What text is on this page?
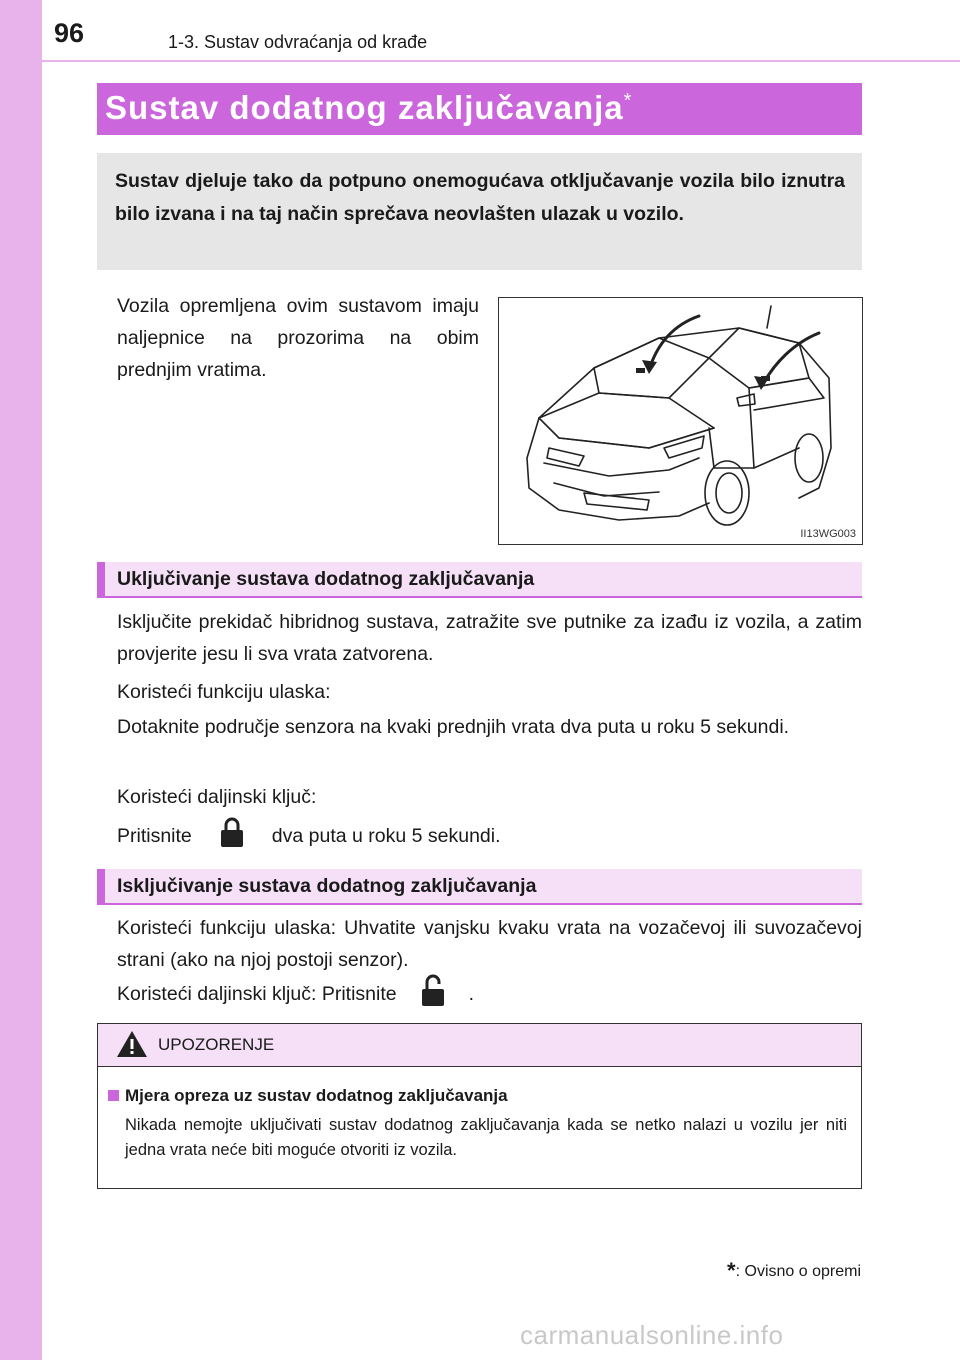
96	1-3. Sustav odvraćanja od krađe
Sustav dodatnog zaključavanja*
Sustav djeluje tako da potpuno onemogućava otključavanje vozila bilo iznutra bilo izvana i na taj način sprečava neovlašten ulazak u vozilo.
Vozila opremljena ovim sustavom imaju naljepnice na prozorima na obim prednjim vratima.
II13WG003
Uključivanje sustava dodatnog zaključavanja
Isključite prekidač hibridnog sustava, zatražite sve putnike za izađu iz vozila, a zatim provjerite jesu li sva vrata zatvorena.
Koristeći funkciju ulaska:
Dotaknite područje senzora na kvaki prednjih vrata dva puta u roku 5 sekundi.
Koristeći daljinski ključ:
Pritisnite	dva puta u roku 5 sekundi.
Isključivanje sustava dodatnog zaključavanja
Koristeći funkciju ulaska: Uhvatite vanjsku kvaku vrata na vozačevoj ili suvozačevoj strani (ako na njoj postoji senzor).
Koristeći daljinski ključ: Pritisnite	.
UPOZORENJE
Mjera opreza uz sustav dodatnog zaključavanja
Nikada nemojte uključivati sustav dodatnog zaključavanja kada se netko nalazi u vozilu jer niti jedna vrata neće biti moguće otvoriti iz vozila.
*: Ovisno o opremi
carmanualsonline.info
